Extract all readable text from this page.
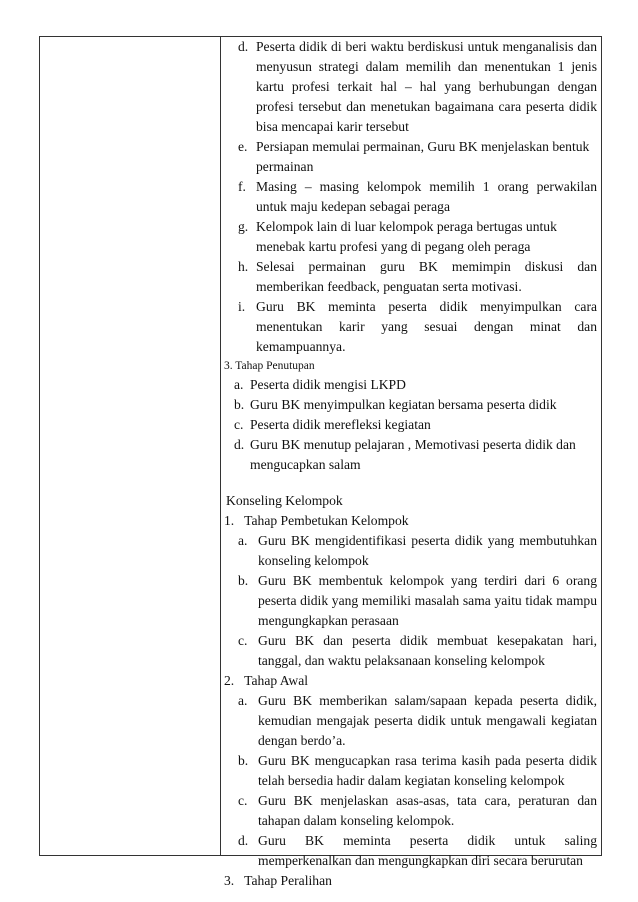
d. Peserta didik di beri waktu berdiskusi untuk menganalisis dan menyusun strategi dalam memilih dan menentukan 1 jenis kartu profesi terkait hal – hal yang berhubungan dengan profesi tersebut dan menetukan bagaimana cara peserta didik bisa mencapai karir tersebut
e. Persiapan memulai permainan, Guru BK menjelaskan bentuk permainan
f. Masing – masing kelompok memilih 1 orang perwakilan untuk maju kedepan sebagai peraga
g. Kelompok lain di luar kelompok peraga bertugas untuk menebak kartu profesi yang di pegang oleh peraga
h. Selesai permainan guru BK memimpin diskusi dan memberikan feedback, penguatan serta motivasi.
i. Guru BK meminta peserta didik menyimpulkan cara menentukan karir yang sesuai dengan minat dan kemampuannya.
3. Tahap Penutupan
a. Peserta didik mengisi LKPD
b. Guru BK menyimpulkan kegiatan bersama peserta didik
c. Peserta didik merefleksi kegiatan
d. Guru BK menutup pelajaran , Memotivasi peserta didik dan mengucapkan salam
Konseling Kelompok
1.   Tahap Pembetukan Kelompok
a. Guru BK mengidentifikasi peserta didik yang membutuhkan konseling kelompok
b. Guru BK membentuk kelompok yang terdiri dari 6 orang peserta didik yang memiliki masalah sama yaitu tidak mampu mengungkapkan perasaan
c. Guru BK dan peserta didik membuat kesepakatan hari, tanggal, dan waktu pelaksanaan konseling kelompok
2.   Tahap Awal
a. Guru BK memberikan salam/sapaan kepada peserta didik, kemudian mengajak peserta didik untuk mengawali kegiatan dengan berdo’a.
b. Guru BK mengucapkan rasa terima kasih pada peserta didik telah bersedia hadir dalam kegiatan konseling kelompok
c. Guru BK menjelaskan asas-asas, tata cara, peraturan dan tahapan dalam konseling kelompok.
d. Guru BK meminta peserta didik untuk saling memperkenalkan dan mengungkapkan diri secara berurutan
3.   Tahap Peralihan
